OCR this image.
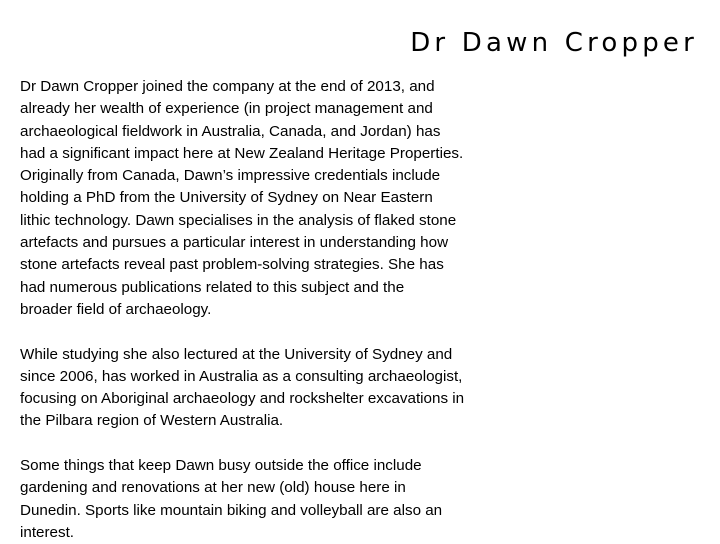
Dr Dawn Cropper

Dr Dawn Cropper joined the company at the end of 2013, and
already her wealth of experience (in project management and
archaeological fieldwork in Australia, Canada, and Jordan) has
had a significant impact here at New Zealand Heritage Properties.
Originally from Canada, Dawn’s impressive credentials include
holding a PhD from the University of Sydney on Near Eastern
lithic technology. Dawn specialises in the analysis of flaked stone
artefacts and pursues a particular interest in understanding how
stone artefacts reveal past problem-solving strategies. She has
had numerous publications related to this subject and the
broader field of archaeology.

While studying she also lectured at the University of Sydney and
since 2006, has worked in Australia as a consulting archaeologist,
focusing on Aboriginal archaeology and rockshelter excavations in
the Pilbara region of Western Australia.

Some things that keep Dawn busy outside the office include
gardening and renovations at her new (old) house here in
Dunedin. Sports like mountain biking and volleyball are also an
interest.
